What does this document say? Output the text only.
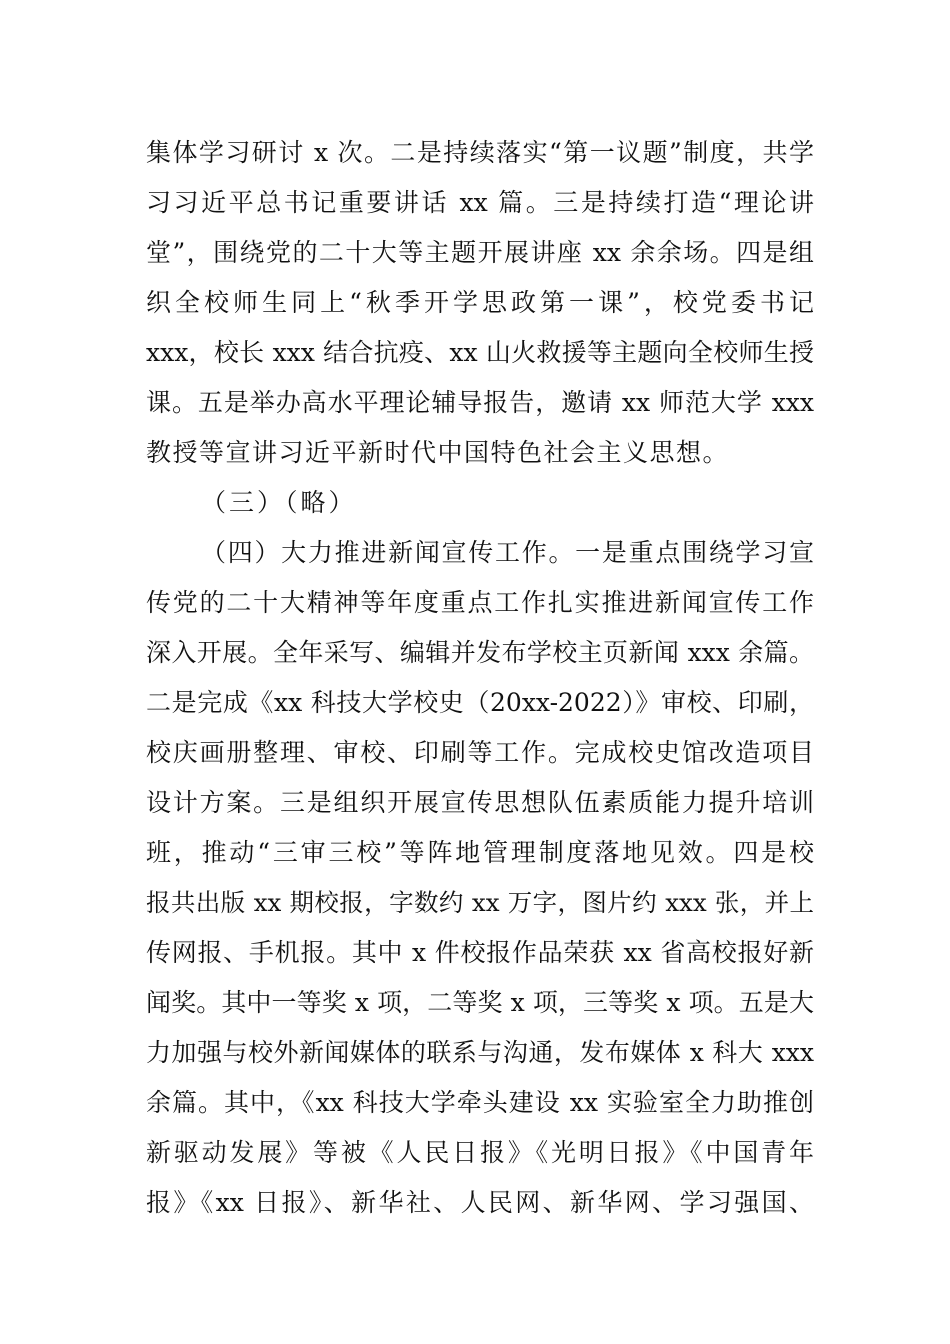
集体学习研讨 x 次。二是持续落实“第一议题”制度，共学
习习近平总书记重要讲话 xx 篇。三是持续打造“理论讲
堂”，围绕党的二十大等主题开展讲座 xx 余余场。四是组
织全校师生同上“秋季开学思政第一课”，校党委书记
xxx，校长 xxx 结合抗疫、xx 山火救援等主题向全校师生授
课。五是举办高水平理论辅导报告，邀请 xx 师范大学 xxx
教授等宣讲习近平新时代中国特色社会主义思想。
（三）（略）
（四）大力推进新闻宣传工作。一是重点围绕学习宣
传党的二十大精神等年度重点工作扎实推进新闻宣传工作
深入开展。全年采写、编辑并发布学校主页新闻 xxx 余篇。
二是完成《xx 科技大学校史（20xx-2022）》审校、印刷，
校庆画册整理、审校、印刷等工作。完成校史馆改造项目
设计方案。三是组织开展宣传思想队伍素质能力提升培训
班，推动“三审三校”等阵地管理制度落地见效。四是校
报共出版 xx 期校报，字数约 xx 万字，图片约 xxx 张，并上
传网报、手机报。其中 x 件校报作品荣获 xx 省高校报好新
闻奖。其中一等奖 x 项，二等奖 x 项，三等奖 x 项。五是大
力加强与校外新闻媒体的联系与沟通，发布媒体 x 科大 xxx
余篇。其中，《xx 科技大学牵头建设 xx 实验室全力助推创
新驱动发展》等被《人民日报》《光明日报》《中国青年
报》《xx 日报》、新华社、人民网、新华网、学习强国、
